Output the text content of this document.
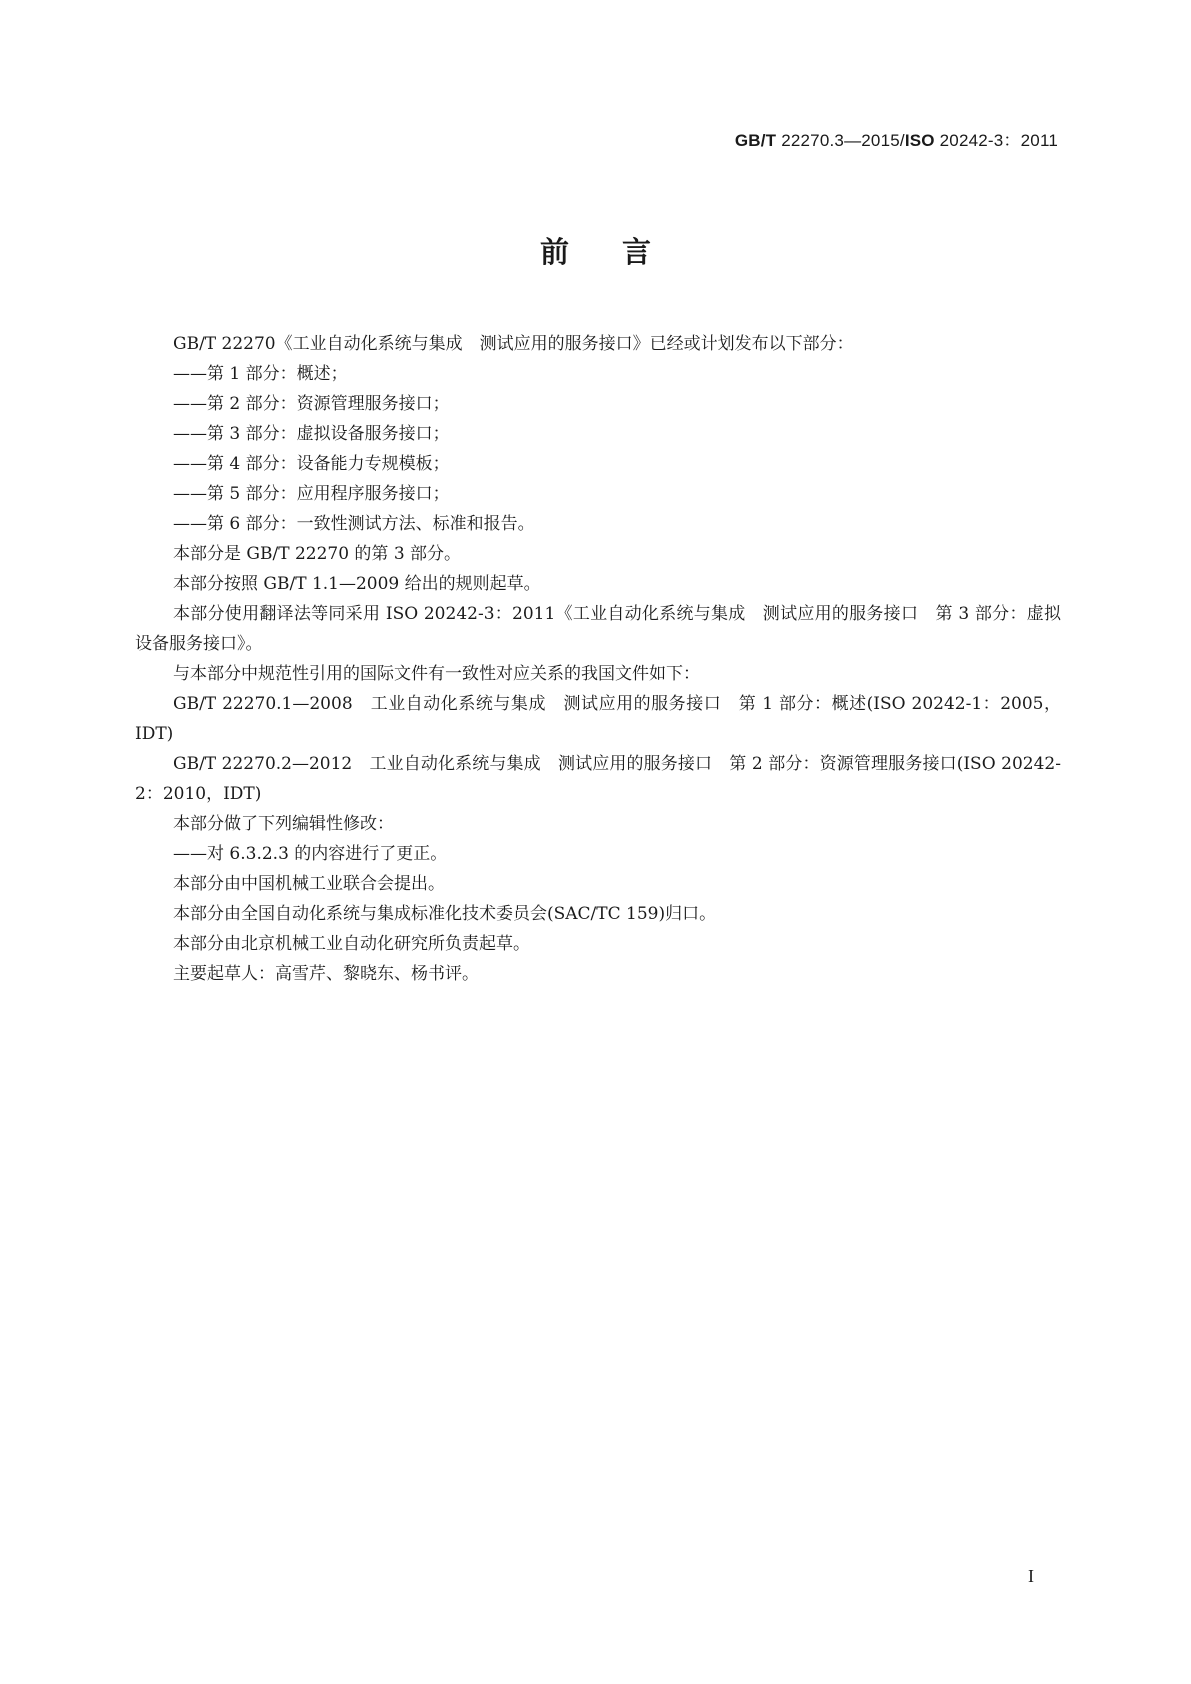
GB/T 22270.3—2015/ISO 20242-3：2011
前言

GB/T 22270《工业自动化系统与集成　测试应用的服务接口》已经或计划发布以下部分：

——第 1 部分：概述；

——第 2 部分：资源管理服务接口；

——第 3 部分：虚拟设备服务接口；

——第 4 部分：设备能力专规模板；

——第 5 部分：应用程序服务接口；

——第 6 部分：一致性测试方法、标准和报告。

本部分是 GB/T 22270 的第 3 部分。

本部分按照 GB/T 1.1—2009 给出的规则起草。

本部分使用翻译法等同采用 ISO 20242-3：2011《工业自动化系统与集成　测试应用的服务接口　第 3 部分：虚拟设备服务接口》。

与本部分中规范性引用的国际文件有一致性对应关系的我国文件如下：

GB/T 22270.1—2008　工业自动化系统与集成　测试应用的服务接口　第 1 部分：概述(ISO 20242-1：2005，IDT)

GB/T 22270.2—2012　工业自动化系统与集成　测试应用的服务接口　第 2 部分：资源管理服务接口(ISO 20242-2：2010，IDT)

本部分做了下列编辑性修改：

——对 6.3.2.3 的内容进行了更正。

本部分由中国机械工业联合会提出。

本部分由全国自动化系统与集成标准化技术委员会(SAC/TC 159)归口。

本部分由北京机械工业自动化研究所负责起草。

主要起草人：高雪芹、黎晓东、杨书评。

I
